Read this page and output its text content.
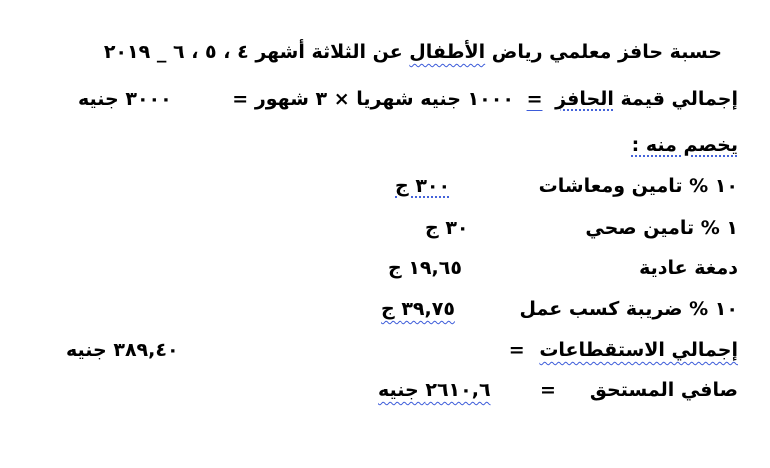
حسبة حافز معلمي رياض الأطفال عن الثلاثة أشهر ٤ ، ٥ ، ٦ _ ٢٠١٩
إجمالي قيمة الحافز = ١٠٠٠ جنيه شهريا × ٣ شهور =
٣٠٠٠ جنيه
يخصم منه :
١٠ % تامين ومعاشات
٣٠٠ ج
١ % تامين صحي
٣٠ ج
دمغة عادية
١٩,٦٥ ج
١٠ % ضريبة كسب عمل
٣٩,٧٥ ج
إجمالي الاستقطاعات =
٣٨٩,٤٠ جنيه
صافي المستحق
=
٢٦١٠,٦ جنيه
